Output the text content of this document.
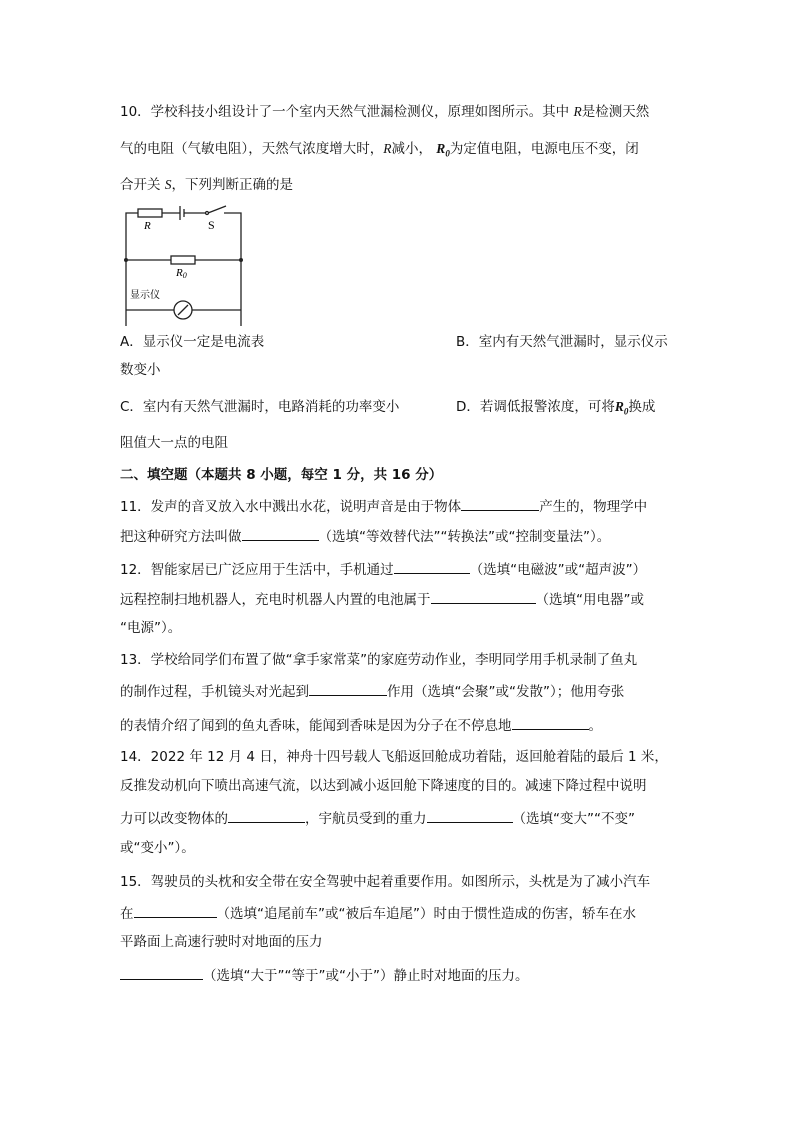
10．学校科技小组设计了一个室内天然气泄漏检测仪，原理如图所示。其中 R是检测天然
气的电阻（气敏电阻），天然气浓度增大时，R减小， $R_0$为定值电阻，电源电压不变，闭
合开关 S，下列判断正确的是
R	S
R0
显示仪
A．显示仪一定是电流表	B．室内有天然气泄漏时，显示仪示
数变小
C．室内有天然气泄漏时，电路消耗的功率变小	D．若调低报警浓度，可将$R_0$换成
阻值大一点的电阻
二、填空题（本题共 8 小题，每空 1 分，共 16 分）
11．发声的音叉放入水中溅出水花，说明声音是由于物体	产生的，物理学中
把这种研究方法叫做	（选填“等效替代法”“转换法”或“控制变量法”）。
12．智能家居已广泛应用于生活中，手机通过	（选填“电磁波”或“超声波”）
远程控制扫地机器人，充电时机器人内置的电池属于	（选填“用电器”或
“电源”）。
13．学校给同学们布置了做“拿手家常菜”的家庭劳动作业，李明同学用手机录制了鱼丸
的制作过程，手机镜头对光起到	作用（选填“会聚”或“发散”）；他用夸张
的表情介绍了闻到的鱼丸香味，能闻到香味是因为分子在不停息地	。
14．2022 年 12 月 4 日，神舟十四号载人飞船返回舱成功着陆，返回舱着陆的最后 1 米，
反推发动机向下喷出高速气流，以达到减小返回舱下降速度的目的。减速下降过程中说明
力可以改变物体的	，宇航员受到的重力	（选填“变大”“不变”
或“变小”）。
15．驾驶员的头枕和安全带在安全驾驶中起着重要作用。如图所示，头枕是为了减小汽车
在	（选填“追尾前车”或“被后车追尾”）时由于惯性造成的伤害，轿车在水
平路面上高速行驶时对地面的压力
（选填“大于”“等于”或“小于”）静止时对地面的压力。
